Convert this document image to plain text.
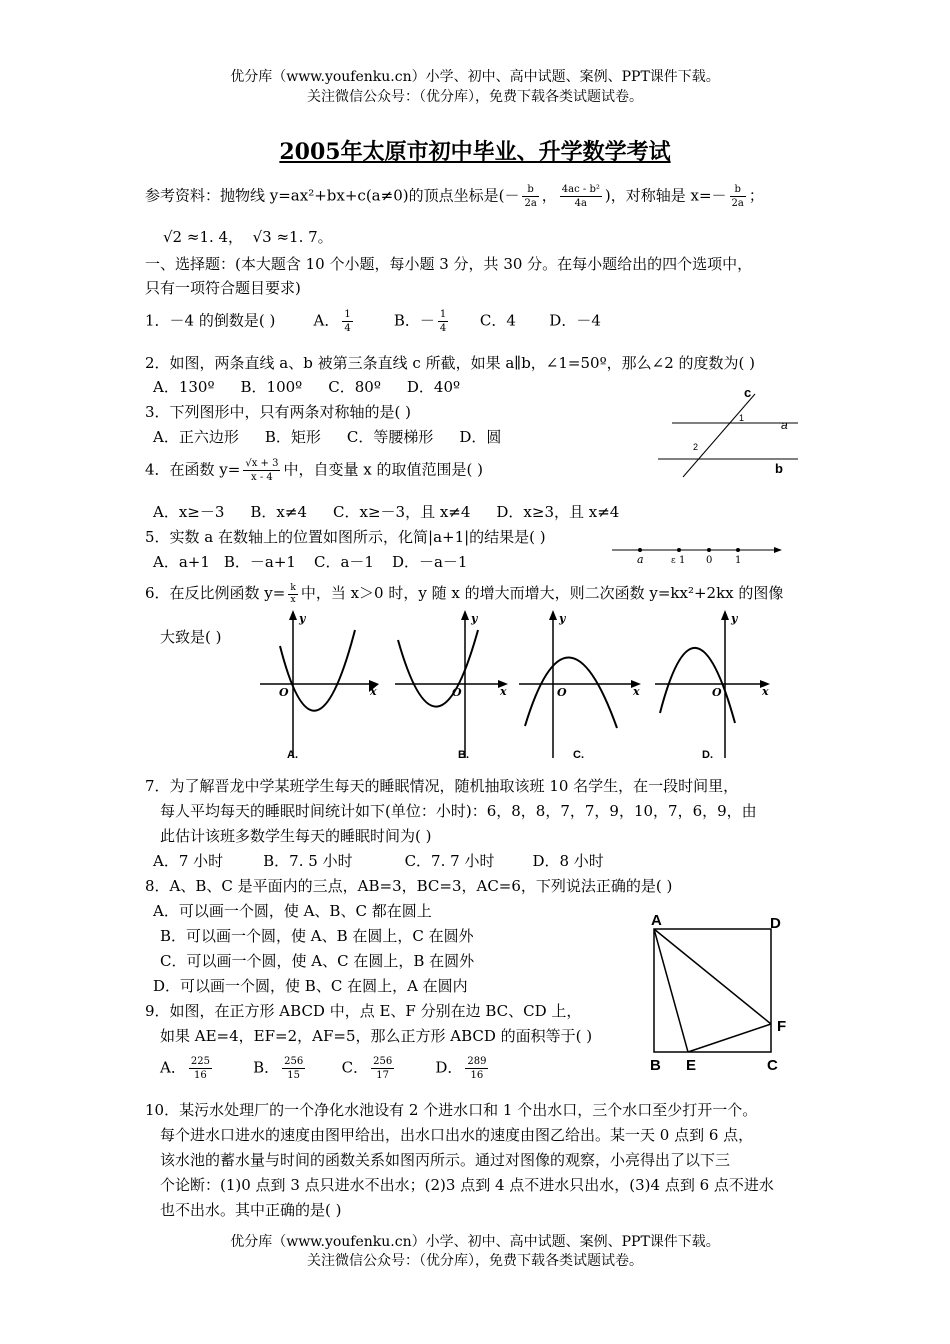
优分库（www.youfenku.cn）小学、初中、高中试题、案例、PPT课件下载。
关注微信公众号：（优分库），免费下载各类试题试卷。
2005年太原市初中毕业、升学数学考试
参考资料：抛物线 y=ax²+bx+c(a≠0)的顶点坐标是(－ $\frac{b}{2a}$ ， $\frac{\text{4ac - b²}}{4a}$ )，对称轴是 $x=- \frac{b}{2a}$ ；
√2 ≈1. 4， √3 ≈1. 7。
一、选择题：(本大题含 10 个小题，每小题 3 分，共 30 分。在每小题给出的四个选项中，
只有一项符合题目要求)
1．－4 的倒数是( )	A． $\frac{1}{4}$	B．－ $\frac{1}{4}$ C．4 D．－4
2．如图，两条直线 a、b 被第三条直线 c 所截，如果 a∥b，∠1=50º，那么∠2 的度数为( )
A．130º B．100º C．80º D．40º	c
1	a
2
b
3．下列图形中，只有两条对称轴的是( )
A．正六边形 B．矩形 C．等腰梯形 D．圆
4．在函数 $y= \frac{√x + 3}{x - 4}$ 中，自变量 x 的取值范围是( )
A．x≥－3 B．x≠4 C．x≥－3，且 x≠4 D．x≥3，且 x≠4
5．实数 a 在数轴上的位置如图所示，化简|a+1|的结果是( )
A．a+1 B．－a+1 C．a－1 D．－a－1	a	ε 1 0 1
6．在反比例函数 $y= \frac{k}{x}$ 中，当 x＞0 时，y 随 x 的增大而增大，则二次函数 y=kx²+2kx 的图像
大致是( )
y
x
O
A.
y
x
O
B.
y
x
O
C.
y
x
O
D.
7．为了解晋龙中学某班学生每天的睡眠情况，随机抽取该班 10 名学生，在一段时间里，
每人平均每天的睡眠时间统计如下(单位：小时)：6，8，8，7，7，9，10，7，6，9，由
此估计该班多数学生每天的睡眠时间为( )
A．7 小时	B．7. 5 小时	C．7. 7 小时	D．8 小时
8．A、B、C 是平面内的三点，AB=3，BC=3，AC=6，下列说法正确的是( )
A．可以画一个圆，使 A、B、C 都在圆上
B．可以画一个圆，使 A、B 在圆上，C 在圆外
C．可以画一个圆，使 A、C 在圆上，B 在圆外
D．可以画一个圆，使 B、C 在圆上，A 在圆内
9．如图，在正方形 ABCD 中，点 E、F 分别在边 BC、CD 上，
如果 AE=4，EF=2，AF=5，那么正方形 ABCD 的面积等于( )
A． $\frac{225}{16}$	B． $\frac{256}{15}$ C． $\frac{256}{17}$	D． $\frac{289}{16}$
A	D
F
B E	C
10．某污水处理厂的一个净化水池设有 2 个进水口和 1 个出水口，三个水口至少打开一个。
每个进水口进水的速度由图甲给出，出水口出水的速度由图乙给出。某一天 0 点到 6 点，
该水池的蓄水量与时间的函数关系如图丙所示。通过对图像的观察，小亮得出了以下三
个论断：(1)0 点到 3 点只进水不出水；(2)3 点到 4 点不进水只出水，(3)4 点到 6 点不进水
也不出水。其中正确的是( )
优分库（www.youfenku.cn）小学、初中、高中试题、案例、PPT课件下载。
关注微信公众号：（优分库），免费下载各类试题试卷。
